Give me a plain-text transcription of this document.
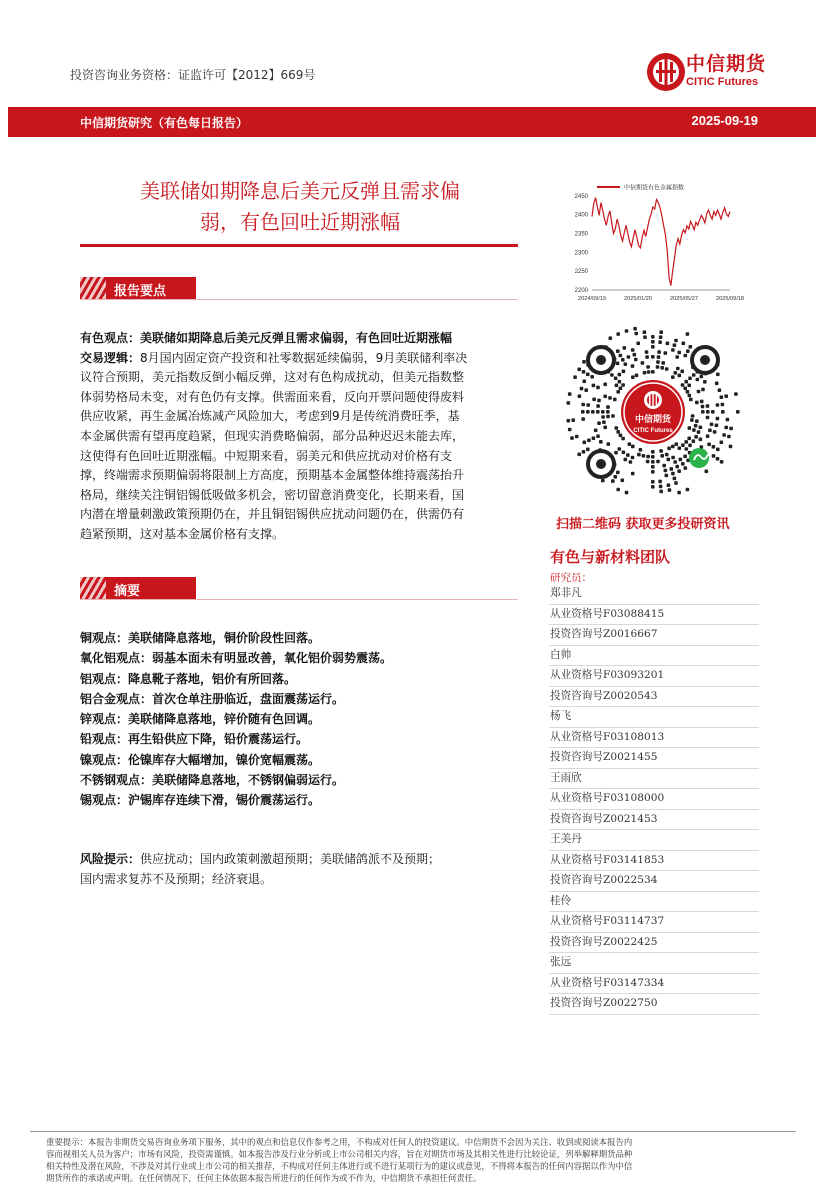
投资咨询业务资格：证监许可【2012】669号	中信期货
CITIC Futures
中信期货研究（有色每日报告）	2025-09-19
美联储如期降息后美元反弹且需求偏
弱，有色回吐近期涨幅
报告要点
有色观点：美联储如期降息后美元反弹且需求偏弱，有色回吐近期涨幅
交易逻辑：8月国内固定资产投资和社零数据延续偏弱，9月美联储利率决
议符合预期，美元指数反倒小幅反弹，这对有色构成扰动，但美元指数整
体弱势格局未变，对有色仍有支撑。供需面来看，反向开票问题使得废料
供应收紧，再生金属冶炼减产风险加大，考虑到9月是传统消费旺季，基
本金属供需有望再度趋紧，但现实消费略偏弱，部分品种迟迟未能去库，
这使得有色回吐近期涨幅。中短期来看，弱美元和供应扰动对价格有支
撑，终端需求预期偏弱将限制上方高度，预期基本金属整体维持震荡抬升
格局，继续关注铜铝锡低吸做多机会，密切留意消费变化，长期来看，国
内潜在增量刺激政策预期仍在，并且铜铝锡供应扰动问题仍在，供需仍有
趋紧预期，这对基本金属价格有支撑。
摘要
铜观点：美联储降息落地，铜价阶段性回落。
氧化铝观点：弱基本面未有明显改善，氧化铝价弱势震荡。
铝观点：降息靴子落地，铝价有所回落。
铝合金观点：首次仓单注册临近，盘面震荡运行。
锌观点：美联储降息落地，锌价随有色回调。
铅观点：再生铅供应下降，铅价震荡运行。
镍观点：伦镍库存大幅增加，镍价宽幅震荡。
不锈钢观点：美联储降息落地，不锈钢偏弱运行。
锡观点：沪锡库存连续下滑，锡价震荡运行。
风险提示：供应扰动；国内政策刺激超预期；美联储鸽派不及预期；
国内需求复苏不及预期；经济衰退。
中信期货有色金属指数
2450
2400
2350
2300
2250
2200
2024/09/19	2025/01/20	2025/05/27	2025/09/18
中信期货
CITIC Futures
扫描二维码 获取更多投研资讯
有色与新材料团队
研究员：
郑非凡
从业资格号F03088415
投资咨询号Z0016667
白帅
从业资格号F03093201
投资咨询号Z0020543
杨飞
从业资格号F03108013
投资咨询号Z0021455
王雨欣
从业资格号F03108000
投资咨询号Z0021453
王美丹
从业资格号F03141853
投资咨询号Z0022534
桂伶
从业资格号F03114737
投资咨询号Z0022425
张远
从业资格号F03147334
投资咨询号Z0022750
重要提示：本报告非期货交易咨询业务项下服务，其中的观点和信息仅作参考之用，不构成对任何人的投资建议。中信期货不会因为关注、收到或阅读本报告内
容而视相关人员为客户；市场有风险，投资需谨慎。如本报告涉及行业分析或上市公司相关内容，旨在对期货市场及其相关性进行比较论证，列举解释期货品种
相关特性及潜在风险，不涉及对其行业或上市公司的相关推荐，不构成对任何主体进行或不进行某项行为的建议或意见，不得将本报告的任何内容据以作为中信
期货所作的承诺或声明。在任何情况下，任何主体依据本报告所进行的任何作为或不作为，中信期货不承担任何责任。
